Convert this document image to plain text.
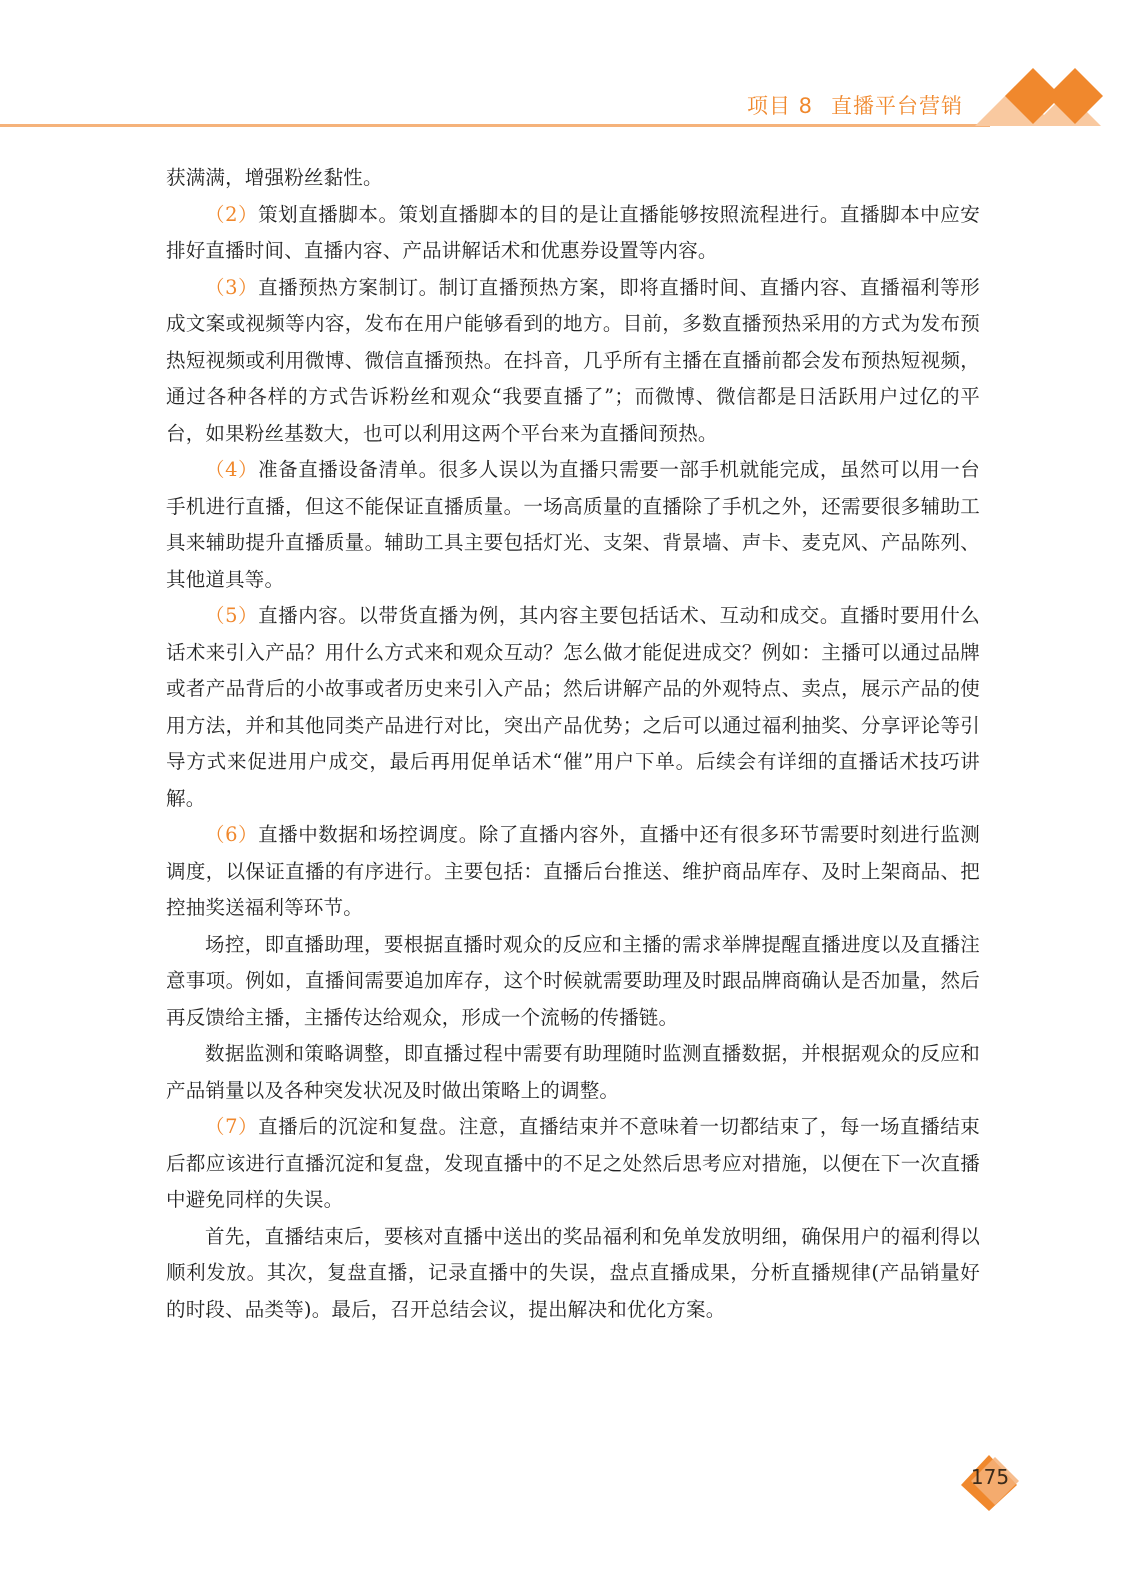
项目 8 直播平台营销

获满满，增强粉丝黏性。

（2）策划直播脚本。策划直播脚本的目的是让直播能够按照流程进行。直播脚本中应安排好直播时间、直播内容、产品讲解话术和优惠券设置等内容。

（3）直播预热方案制订。制订直播预热方案，即将直播时间、直播内容、直播福利等形成文案或视频等内容，发布在用户能够看到的地方。目前，多数直播预热采用的方式为发布预热短视频或利用微博、微信直播预热。在抖音，几乎所有主播在直播前都会发布预热短视频，通过各种各样的方式告诉粉丝和观众“我要直播了”；而微博、微信都是日活跃用户过亿的平台，如果粉丝基数大，也可以利用这两个平台来为直播间预热。

（4）准备直播设备清单。很多人误以为直播只需要一部手机就能完成，虽然可以用一台手机进行直播，但这不能保证直播质量。一场高质量的直播除了手机之外，还需要很多辅助工具来辅助提升直播质量。辅助工具主要包括灯光、支架、背景墙、声卡、麦克风、产品陈列、其他道具等。

（5）直播内容。以带货直播为例，其内容主要包括话术、互动和成交。直播时要用什么话术来引入产品？用什么方式来和观众互动？怎么做才能促进成交？例如：主播可以通过品牌或者产品背后的小故事或者历史来引入产品；然后讲解产品的外观特点、卖点，展示产品的使用方法，并和其他同类产品进行对比，突出产品优势；之后可以通过福利抽奖、分享评论等引导方式来促进用户成交，最后再用促单话术“催”用户下单。后续会有详细的直播话术技巧讲解。

（6）直播中数据和场控调度。除了直播内容外，直播中还有很多环节需要时刻进行监测调度，以保证直播的有序进行。主要包括：直播后台推送、维护商品库存、及时上架商品、把控抽奖送福利等环节。

场控，即直播助理，要根据直播时观众的反应和主播的需求举牌提醒直播进度以及直播注意事项。例如，直播间需要追加库存，这个时候就需要助理及时跟品牌商确认是否加量，然后再反馈给主播，主播传达给观众，形成一个流畅的传播链。

数据监测和策略调整，即直播过程中需要有助理随时监测直播数据，并根据观众的反应和产品销量以及各种突发状况及时做出策略上的调整。

（7）直播后的沉淀和复盘。注意，直播结束并不意味着一切都结束了，每一场直播结束后都应该进行直播沉淀和复盘，发现直播中的不足之处然后思考应对措施，以便在下一次直播中避免同样的失误。

首先，直播结束后，要核对直播中送出的奖品福利和免单发放明细，确保用户的福利得以顺利发放。其次，复盘直播，记录直播中的失误，盘点直播成果，分析直播规律(产品销量好的时段、品类等)。最后，召开总结会议，提出解决和优化方案。

175
